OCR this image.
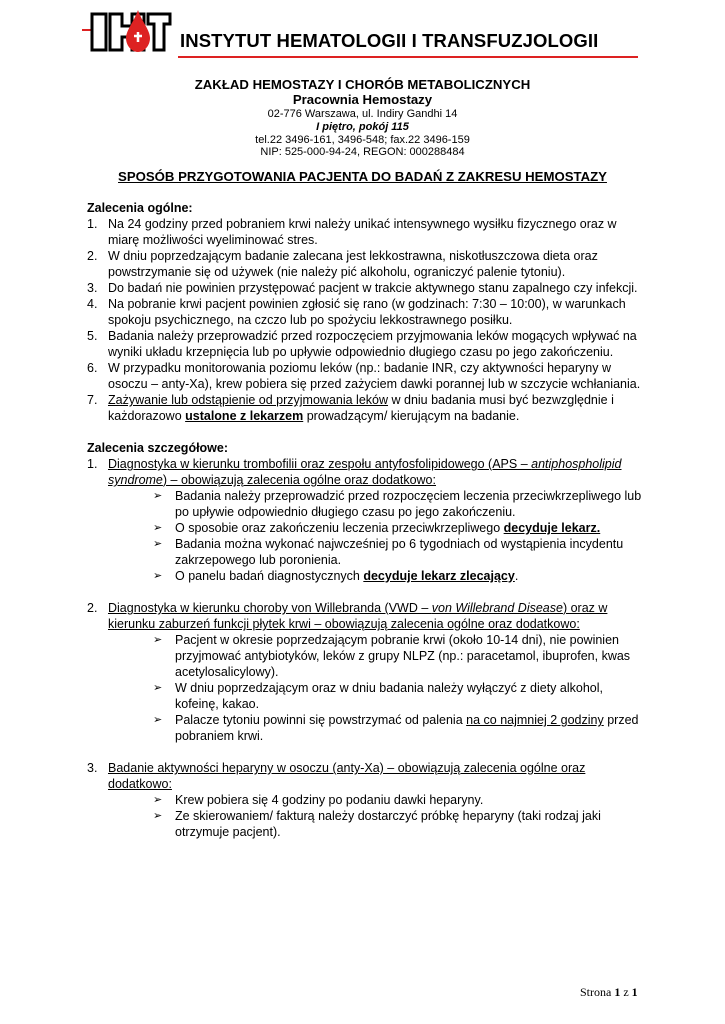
INSTYTUT HEMATOLOGII I TRANSFUZJOLOGII
ZAKŁAD HEMOSTAZY I CHORÓB METABOLICZNYCH
Pracownia Hemostazy
02-776 Warszawa, ul. Indiry Gandhi 14
I piętro, pokój 115
tel.22 3496-161, 3496-548; fax.22 3496-159
NIP: 525-000-94-24, REGON: 000288484
SPOSÓB PRZYGOTOWANIA PACJENTA DO BADAŃ Z ZAKRESU HEMOSTAZY

Zalecenia ogólne:

1. Na 24 godziny przed pobraniem krwi należy unikać intensywnego wysiłku fizycznego oraz w miarę możliwości wyeliminować stres.
2. W dniu poprzedzającym badanie zalecana jest lekkostrawna, niskotłuszczowa dieta oraz powstrzymanie się od używek (nie należy pić alkoholu, ograniczyć palenie tytoniu).
3. Do badań nie powinien przystępować pacjent w trakcie aktywnego stanu zapalnego czy infekcji.
4. Na pobranie krwi pacjent powinien zgłosić się rano (w godzinach: 7:30 – 10:00), w warunkach spokoju psychicznego, na czczo lub po spożyciu lekkostrawnego posiłku.
5. Badania należy przeprowadzić przed rozpoczęciem przyjmowania leków mogących wpływać na wyniki układu krzepnięcia lub po upływie odpowiednio długiego czasu po jego zakończeniu.
6. W przypadku monitorowania poziomu leków (np.: badanie INR, czy aktywności heparyny w osoczu – anty-Xa), krew pobiera się przed zażyciem dawki porannej lub w szczycie wchłaniania.
7. Zażywanie lub odstąpienie od przyjmowania leków w dniu badania musi być bezwzględnie i każdorazowo ustalone z lekarzem prowadzącym/ kierującym na badanie.

Zalecenia szczegółowe:

1. Diagnostyka w kierunku trombofilii oraz zespołu antyfosfolipidowego (APS – antiphospholipid syndrome) – obowiązują zalecenia ogólne oraz dodatkowo:
➢ Badania należy przeprowadzić przed rozpoczęciem leczenia przeciwkrzepliwego lub po upływie odpowiednio długiego czasu po jego zakończeniu.
➢ O sposobie oraz zakończeniu leczenia przeciwkrzepliwego decyduje lekarz.
➢ Badania można wykonać najwcześniej po 6 tygodniach od wystąpienia incydentu zakrzepowego lub poronienia.
➢ O panelu badań diagnostycznych decyduje lekarz zlecający.
2. Diagnostyka w kierunku choroby von Willebranda (VWD – von Willebrand Disease) oraz w kierunku zaburzeń funkcji płytek krwi – obowiązują zalecenia ogólne oraz dodatkowo:
➢ Pacjent w okresie poprzedzającym pobranie krwi (około 10-14 dni), nie powinien przyjmować antybiotyków, leków z grupy NLPZ (np.: paracetamol, ibuprofen, kwas acetylosalicylowy).
➢ W dniu poprzedzającym oraz w dniu badania należy wyłączyć z diety alkohol, kofeinę, kakao.
➢ Palacze tytoniu powinni się powstrzymać od palenia na co najmniej 2 godziny przed pobraniem krwi.
3. Badanie aktywności heparyny w osoczu (anty-Xa) – obowiązują zalecenia ogólne oraz dodatkowo:
➢ Krew pobiera się 4 godziny po podaniu dawki heparyny.
➢ Ze skierowaniem/ fakturą należy dostarczyć próbkę heparyny (taki rodzaj jaki otrzymuje pacjent).
Strona 1 z 1
